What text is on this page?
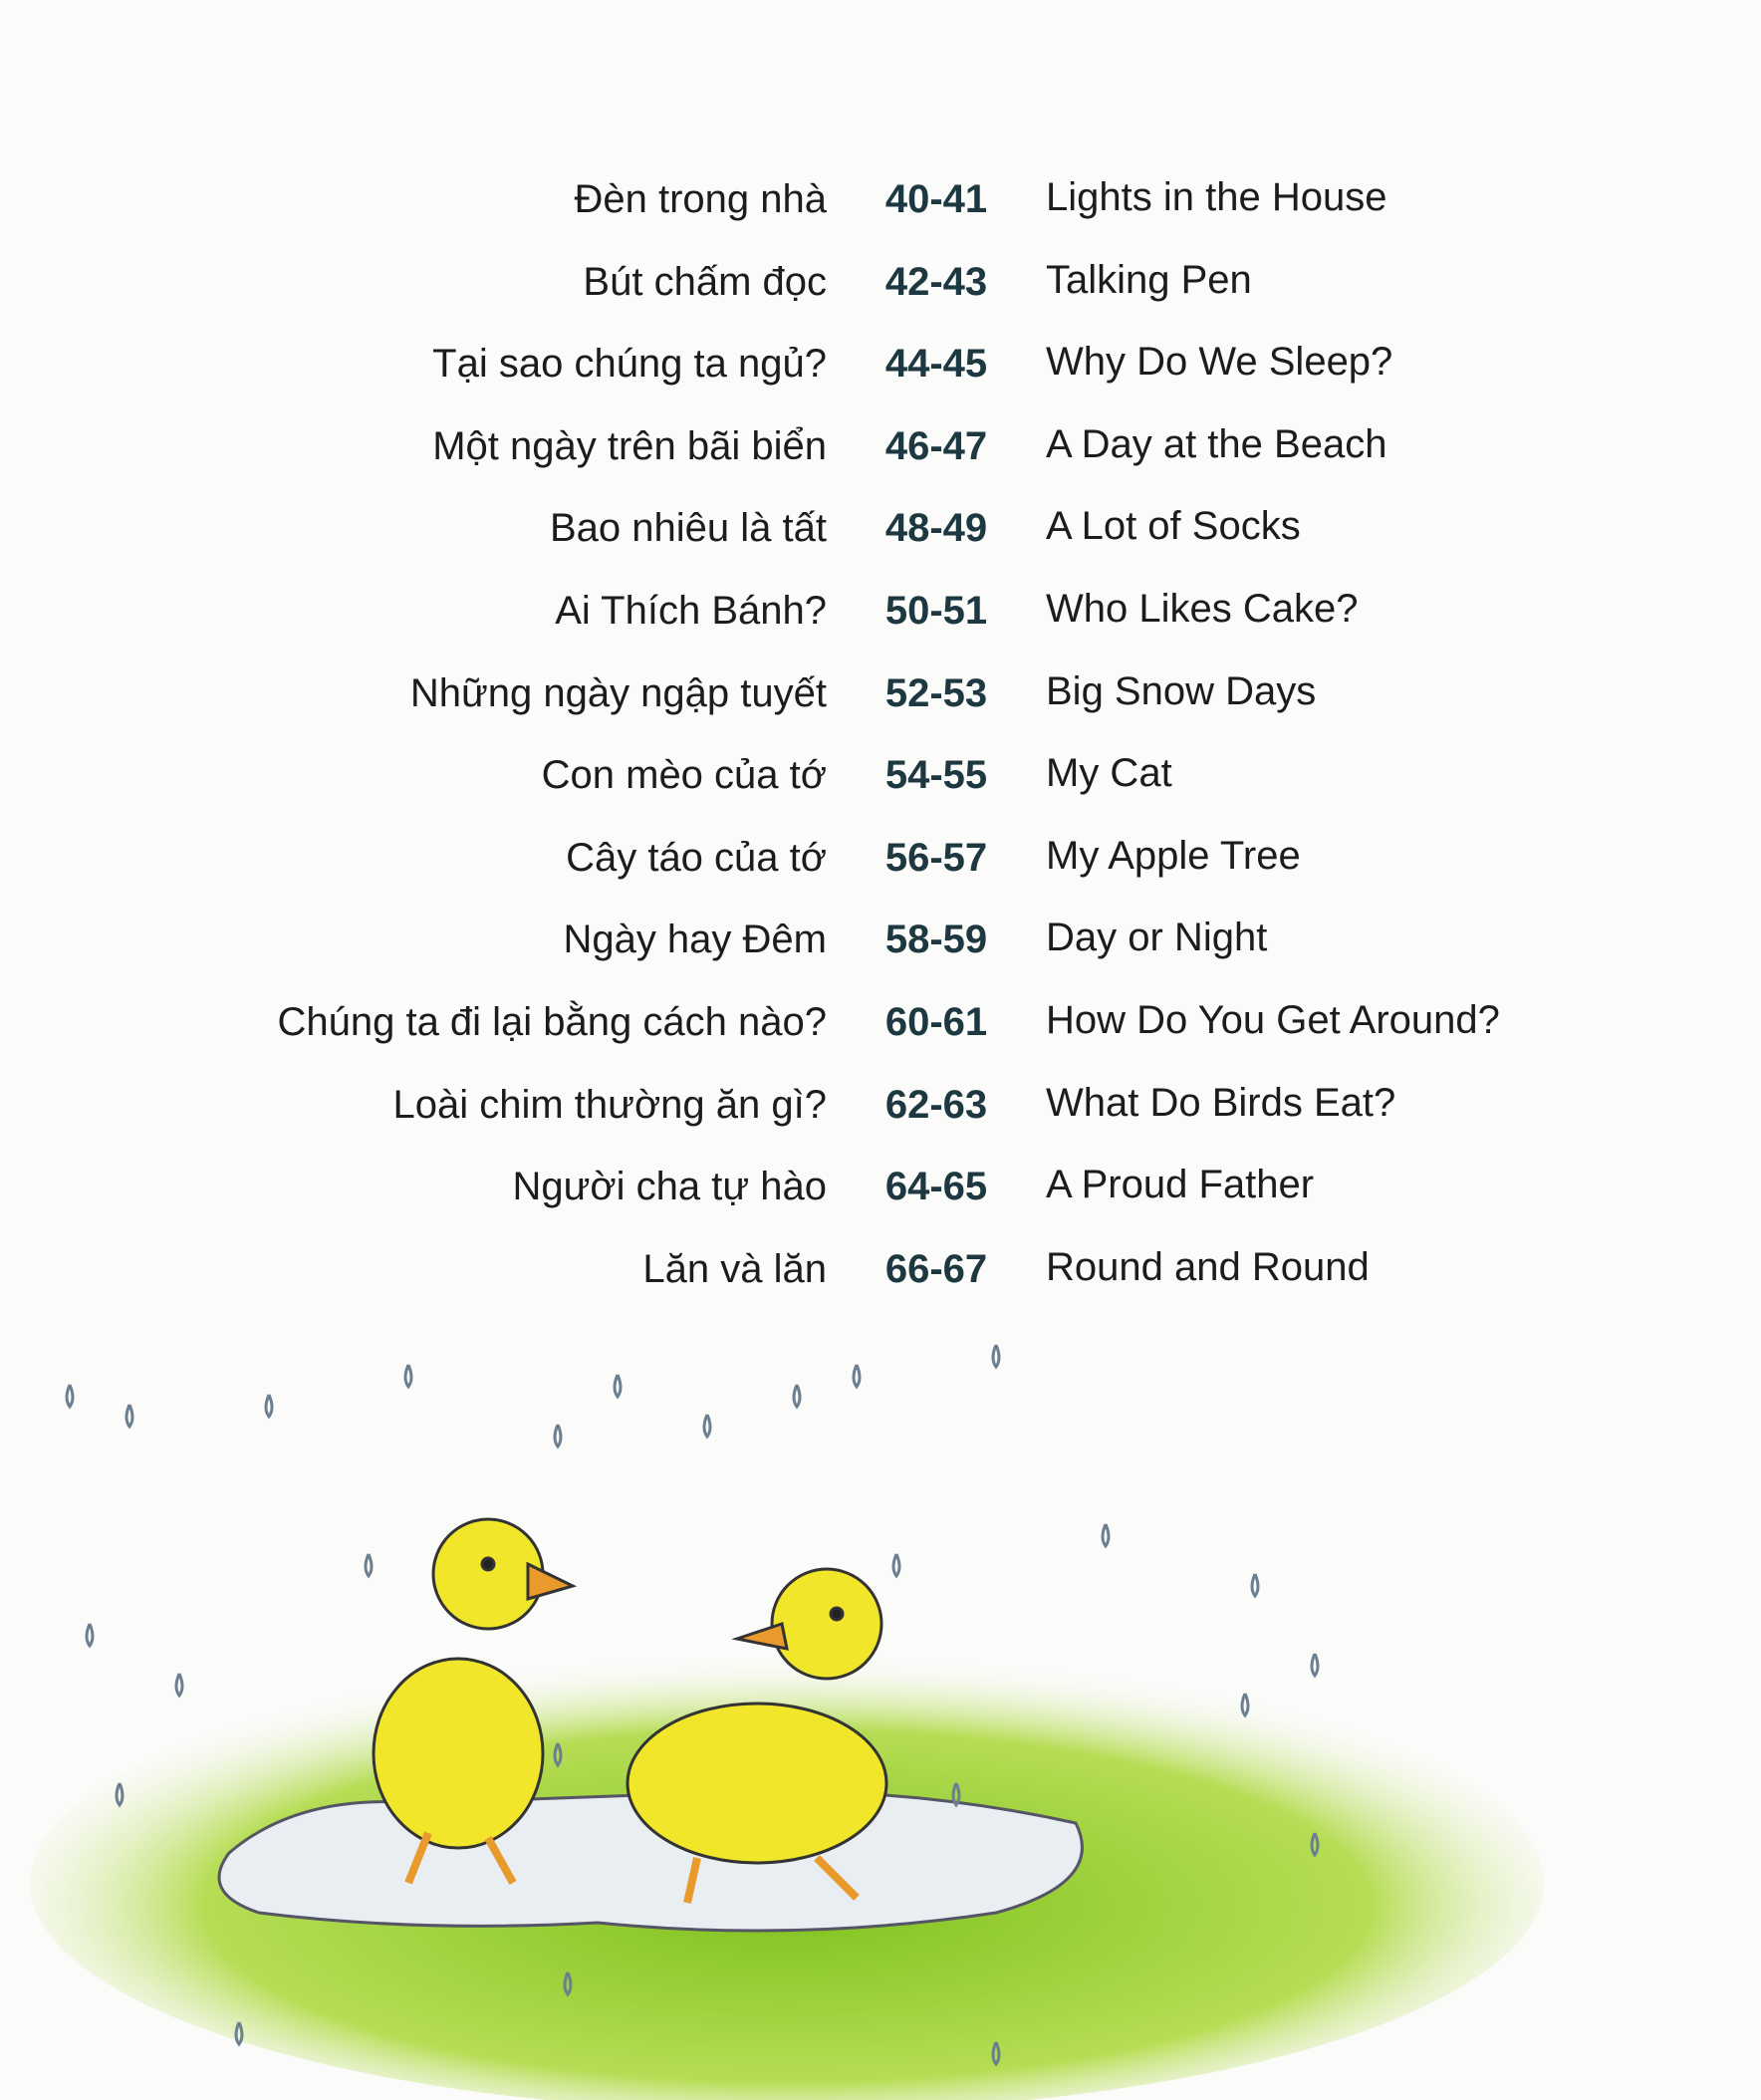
Đèn trong nhà	40-41	Lights in the House
Bút chấm đọc	42-43	Talking Pen
Tại sao chúng ta ngủ?	44-45	Why Do We Sleep?
Một ngày trên bãi biển	46-47	A Day at the Beach
Bao nhiêu là tất	48-49	A Lot of Socks
Ai Thích Bánh?	50-51	Who Likes Cake?
Những ngày ngập tuyết	52-53	Big Snow Days
Con mèo của tớ	54-55	My Cat
Cây táo của tớ	56-57	My Apple Tree
Ngày hay Đêm	58-59	Day or Night
Chúng ta đi lại bằng cách nào?	60-61	How Do You Get Around?
Loài chim thường ăn gì?	62-63	What Do Birds Eat?
Người cha tự hào	64-65	A Proud Father
Lăn và lăn	66-67	Round and Round
